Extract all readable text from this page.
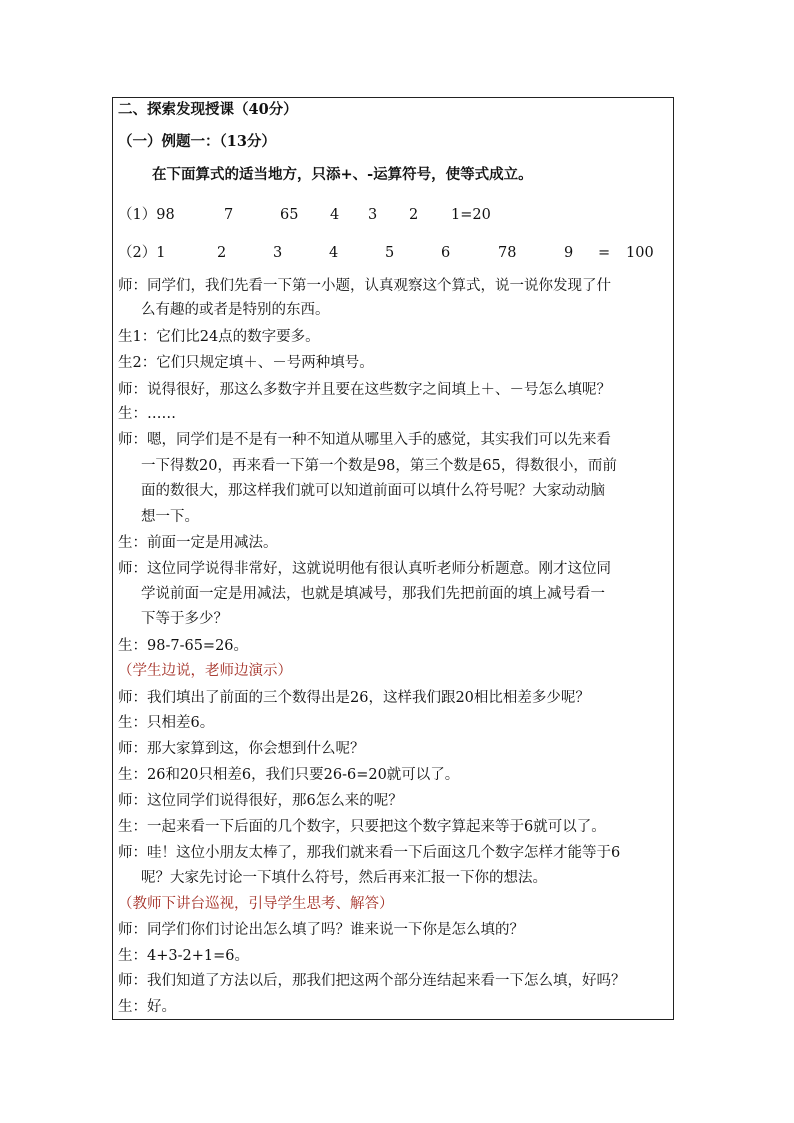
二、探索发现授课（40分）
（一）例题一：（13分）
在下面算式的适当地方，只添+、-运算符号，使等式成立。
（1）98	7	65 4 3 2 1=20
（2）1	2	3	4	5	6	78	9 = 100
师：同学们，我们先看一下第一小题，认真观察这个算式，说一说你发现了什
么有趣的或者是特别的东西。
生1：它们比24点的数字要多。
生2：它们只规定填＋、－号两种填号。
师：说得很好，那这么多数字并且要在这些数字之间填上＋、－号怎么填呢？
生：……
师：嗯，同学们是不是有一种不知道从哪里入手的感觉，其实我们可以先来看
一下得数20，再来看一下第一个数是98，第三个数是65，得数很小，而前
面的数很大，那这样我们就可以知道前面可以填什么符号呢？大家动动脑
想一下。
生：前面一定是用减法。
师：这位同学说得非常好，这就说明他有很认真听老师分析题意。刚才这位同
学说前面一定是用减法，也就是填减号，那我们先把前面的填上减号看一
下等于多少？
生：98-7-65=26。
（学生边说，老师边演示）
师：我们填出了前面的三个数得出是26，这样我们跟20相比相差多少呢？
生：只相差6。
师：那大家算到这，你会想到什么呢？
生：26和20只相差6，我们只要26-6=20就可以了。
师：这位同学们说得很好，那6怎么来的呢？
生：一起来看一下后面的几个数字，只要把这个数字算起来等于6就可以了。
师：哇！这位小朋友太棒了，那我们就来看一下后面这几个数字怎样才能等于6
呢？大家先讨论一下填什么符号，然后再来汇报一下你的想法。
（教师下讲台巡视，引导学生思考、解答）
师：同学们你们讨论出怎么填了吗？谁来说一下你是怎么填的？
生：4+3-2+1=6。
师：我们知道了方法以后，那我们把这两个部分连结起来看一下怎么填，好吗？
生：好。
